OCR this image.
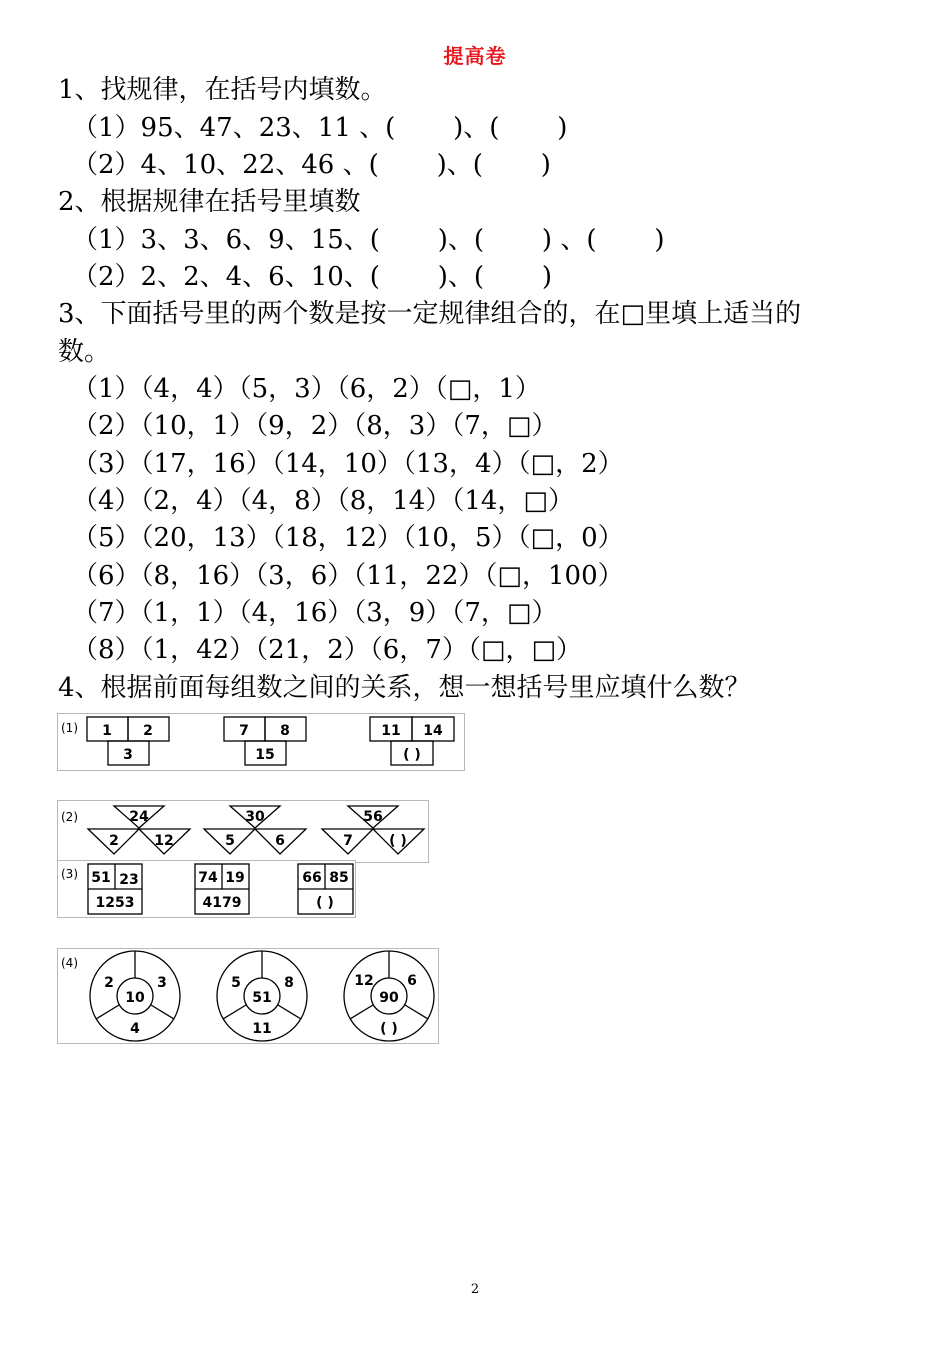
提高卷
1、找规律，在括号内填数。
（1）95、47、23、11 、(       )、(       )
（2）4、10、22、46 、(       )、(       )
2、根据规律在括号里填数
（1）3、3、6、9、15、(       )、(       ) 、(       )
（2）2、2、4、6、10、(       )、(       )
3、下面括号里的两个数是按一定规律组合的，在□里填上适当的
数。
（1）（4，4）（5，3）（6，2）（□，1）
（2）（10，1）（9，2）（8，3）（7，□）
（3）（17，16）（14，10）（13，4）（□，2）
（4）（2，4）（4，8）（8，14）（14，□）
（5）（20，13）（18，12）（10，5）（□，0）
（6）（8，16）（3，6）（11，22）（□，100）
（7）（1，1）（4，16）（3，9）（7，□）
（8）（1，42）（21，2）（6，7）（□，□）
4、根据前面每组数之间的关系，想一想括号里应填什么数？
(1) 1 2
3
7 8
15
11 14
( )
(2)	24
2	12
30
5	6
56
7	( )
(3) 51 23
1253
74 19
4179
66 85
( )
(4)
2	3
10
4
5	8
51
11
12 6
90
( )
2
